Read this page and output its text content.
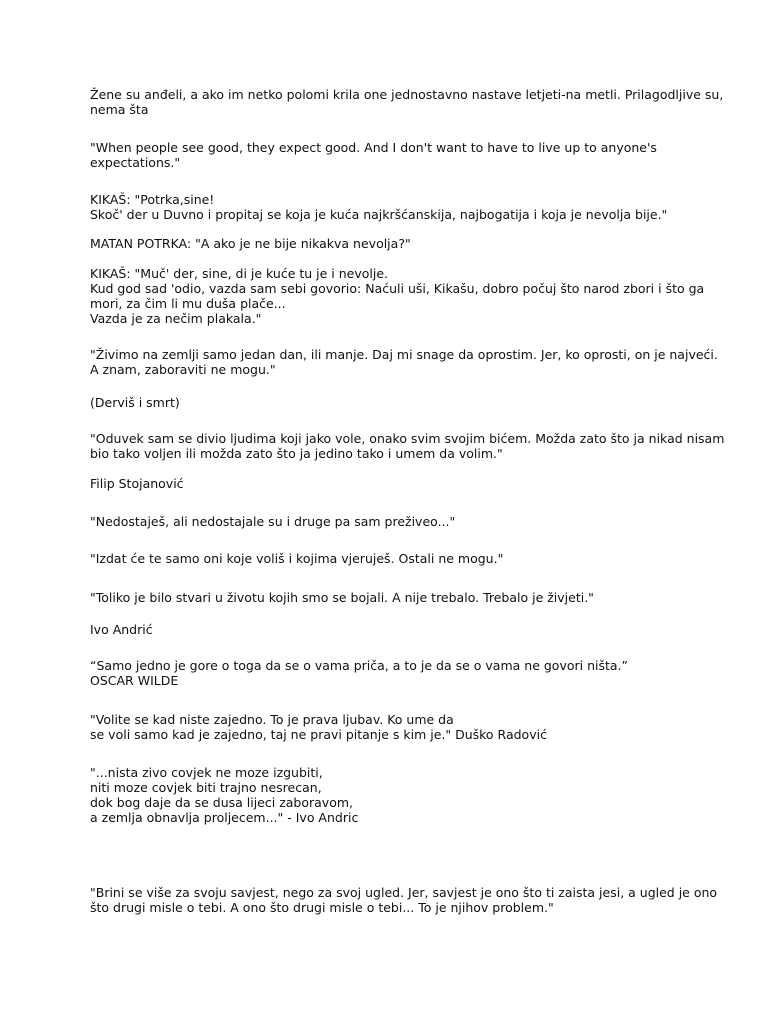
Žene su anđeli, a ako im netko polomi krila one jednostavno nastave letjeti-na metli. Prilagodljive su,
nema šta
"When people see good, they expect good. And I don't want to have to live up to anyone's
expectations."
KIKAŠ: "Potrka,sine!
Skoč' der u Duvno i propitaj se koja je kuća najkršćanskija, najbogatija i koja je nevolja bije."
MATAN POTRKA: "A ako je ne bije nikakva nevolja?"
KIKAŠ: "Muč' der, sine, di je kuće tu je i nevolje.
Kud god sad 'odio, vazda sam sebi govorio: Naćuli uši, Kikašu, dobro počuj što narod zbori i što ga
mori, za čim li mu duša plače...
Vazda je za nečim plakala."
"Živimo na zemlji samo jedan dan, ili manje. Daj mi snage da oprostim. Jer, ko oprosti, on je najveći.
A znam, zaboraviti ne mogu."
(Derviš i smrt)
"Oduvek sam se divio ljudima koji jako vole, onako svim svojim bićem. Možda zato što ja nikad nisam
bio tako voljen ili možda zato što ja jedino tako i umem da volim."
Filip Stojanović
"Nedostaješ, ali nedostajale su i druge pa sam preživeo..."
"Izdat će te samo oni koje voliš i kojima vjeruješ. Ostali ne mogu."
"Toliko je bilo stvari u životu kojih smo se bojali. A nije trebalo. Trebalo je živjeti."
Ivo Andrić
“Samo jedno je gore o toga da se o vama priča, a to je da se o vama ne govori ništa.”
OSCAR WILDE
"Volite se kad niste zajedno. To je prava ljubav. Ko ume da
se voli samo kad je zajedno, taj ne pravi pitanje s kim je." Duško Radović
"...nista zivo covjek ne moze izgubiti,
niti moze covjek biti trajno nesrecan,
dok bog daje da se dusa lijeci zaboravom,
a zemlja obnavlja proljecem..." - Ivo Andric
"Brini se više za svoju savjest, nego za svoj ugled. Jer, savjest je ono što ti zaista jesi, a ugled je ono
što drugi misle o tebi. A ono što drugi misle o tebi... To je njihov problem."
